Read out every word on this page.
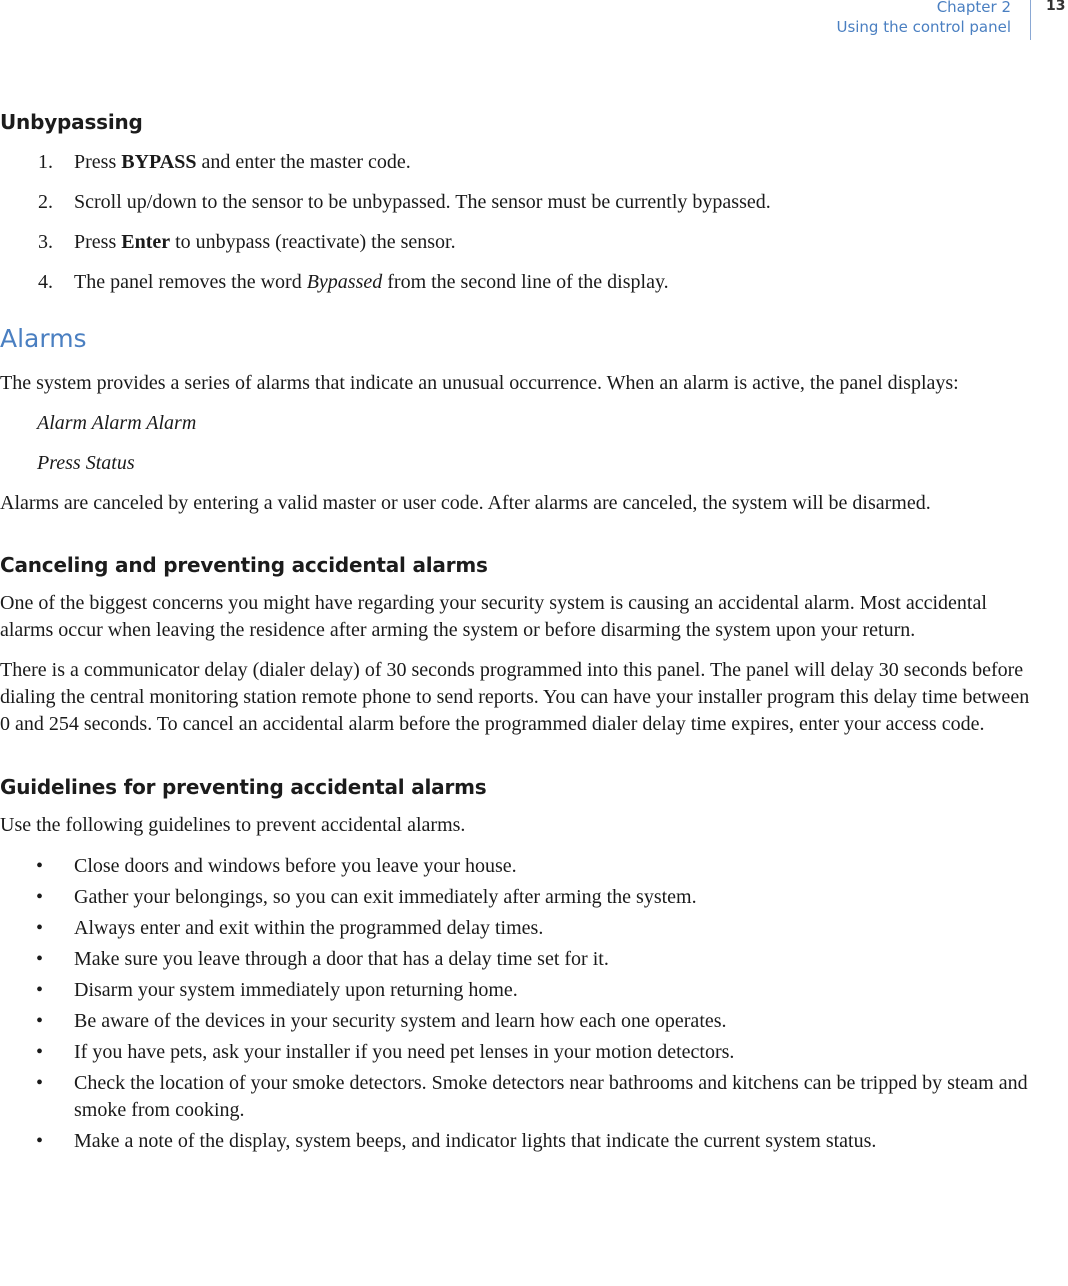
Chapter 2
Using the control panel
13
Unbypassing
1. Press BYPASS and enter the master code.
2. Scroll up/down to the sensor to be unbypassed. The sensor must be currently bypassed.
3. Press Enter to unbypass (reactivate) the sensor.
4. The panel removes the word Bypassed from the second line of the display.
Alarms

The system provides a series of alarms that indicate an unusual occurrence. When an alarm is active, the panel displays:

Alarm Alarm Alarm

Press Status

Alarms are canceled by entering a valid master or user code. After alarms are canceled, the system will be disarmed.

Canceling and preventing accidental alarms

One of the biggest concerns you might have regarding your security system is causing an accidental alarm. Most accidental alarms occur when leaving the residence after arming the system or before disarming the system upon your return.

There is a communicator delay (dialer delay) of 30 seconds programmed into this panel. The panel will delay 30 seconds before dialing the central monitoring station remote phone to send reports. You can have your installer program this delay time between 0 and 254 seconds. To cancel an accidental alarm before the programmed dialer delay time expires, enter your access code.

Guidelines for preventing accidental alarms

Use the following guidelines to prevent accidental alarms.

• Close doors and windows before you leave your house.
• Gather your belongings, so you can exit immediately after arming the system.
• Always enter and exit within the programmed delay times.
• Make sure you leave through a door that has a delay time set for it.
• Disarm your system immediately upon returning home.
• Be aware of the devices in your security system and learn how each one operates.
• If you have pets, ask your installer if you need pet lenses in your motion detectors.
• Check the location of your smoke detectors. Smoke detectors near bathrooms and kitchens can be tripped by steam and smoke from cooking.
• Make a note of the display, system beeps, and indicator lights that indicate the current system status.
